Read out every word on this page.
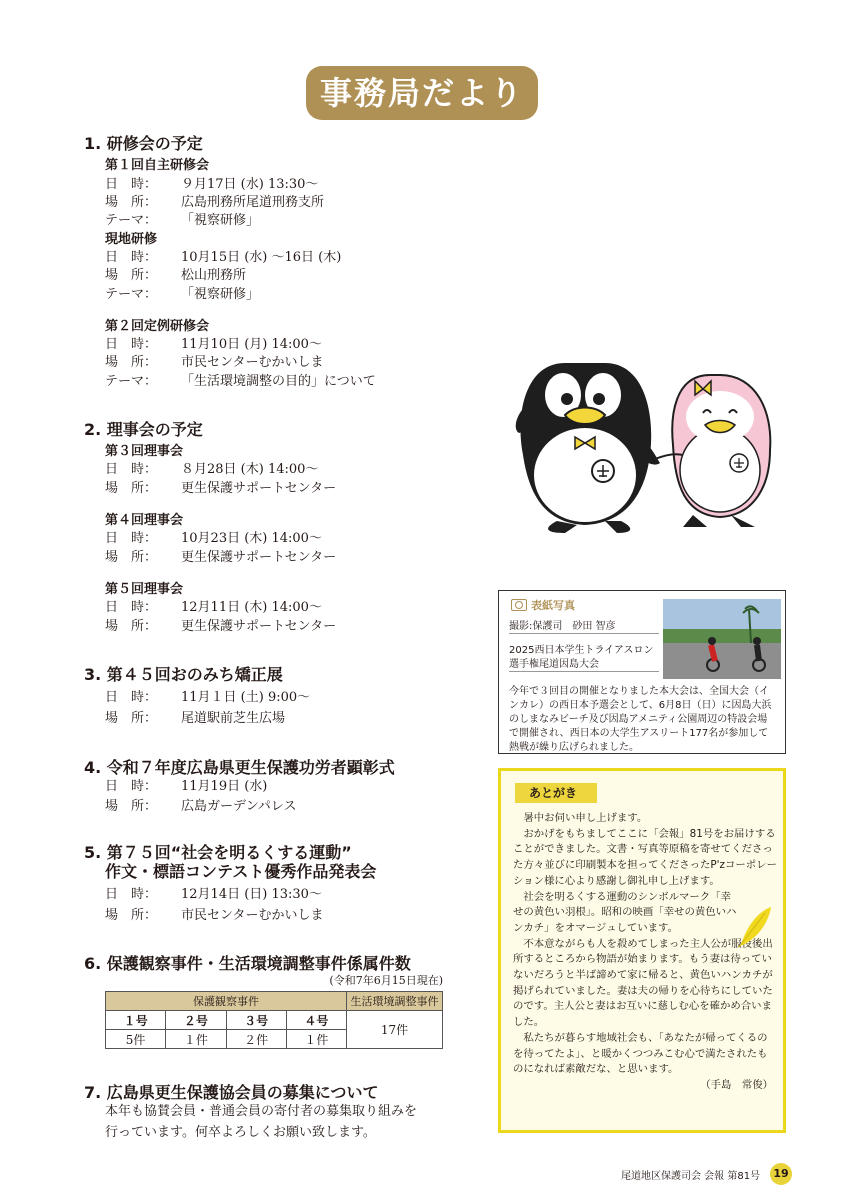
事務局だより
1. 研修会の予定
第１回自主研修会
日　時： ９月17日 (水) 13:30～
場　所： 広島刑務所尾道刑務支所
テーマ： 「視察研修」
現地研修
日　時： 10月15日 (水) ～16日 (木)
場　所： 松山刑務所
テーマ： 「視察研修」
第２回定例研修会
日　時： 11月10日 (月) 14:00～
場　所： 市民センターむかいしま
テーマ： 「生活環境調整の目的」について
2. 理事会の予定
第３回理事会
日　時： ８月28日 (木) 14:00～
場　所： 更生保護サポートセンター
第４回理事会
日　時： 10月23日 (木) 14:00～
場　所： 更生保護サポートセンター
第５回理事会
日　時： 12月11日 (木) 14:00～
場　所： 更生保護サポートセンター
3. 第４５回おのみち矯正展
日　時： 11月１日 (土) 9:00～
場　所： 尾道駅前芝生広場
4. 令和７年度広島県更生保護功労者顕彰式
日　時： 11月19日 (水)
場　所： 広島ガーデンパレス
5. 第７５回“社会を明るくする運動”
作文・標語コンテスト優秀作品発表会
日　時： 12月14日 (日) 13:30～
場　所： 市民センターむかいしま
6. 保護観察事件・生活環境調整事件係属件数
(令和7年6月15日現在)
保護観察事件				生活環境調整事件
１号	２号	３号	４号	17件
5件	１件	２件	１件	
7. 広島県更生保護協会員の募集について
本年も協賛会員・普通会員の寄付者の募集取り組みを
行っています。何卒よろしくお願い致します。
表紙写真
撮影:保護司　砂田 智彦
2025西日本学生トライアスロン
選手権尾道因島大会
今年で３回目の開催となりました本大会は、全国大会（インカレ）の西日本予選会として、6月8日（日）に因島大浜のしまなみビーチ及び因島アメニティ公園周辺の特設会場で開催され、西日本の大学生アスリート177名が参加して熱戦が繰り広げられました。
あとがき

　暑中お伺い申し上げます。

　おかげをもちましてここに「会報」81号をお届けすることができました。文書・写真等原稿を寄せてくださった方々並びに印刷製本を担ってくださったP'zコーポレーション様に心より感謝し御礼申し上げます。

　社会を明るくする運動のシンボルマーク「幸せの黄色い羽根」。昭和の映画「幸せの黄色いハンカチ」をオマージュしています。

　不本意ながらも人を殺めてしまった主人公が服役後出所するところから物語が始まります。もう妻は待っていないだろうと半ば諦めて家に帰ると、黄色いハンカチが掲げられていました。妻は夫の帰りを心待ちにしていたのです。主人公と妻はお互いに慈しむ心を確かめ合いました。

　私たちが暮らす地域社会も、「あなたが帰ってくるのを待ってたよ」、と暖かくつつみこむ心で満たされたものになれば素敵だな、と思います。

（手島　常俊）

尾道地区保護司会 会報 第81号	19
